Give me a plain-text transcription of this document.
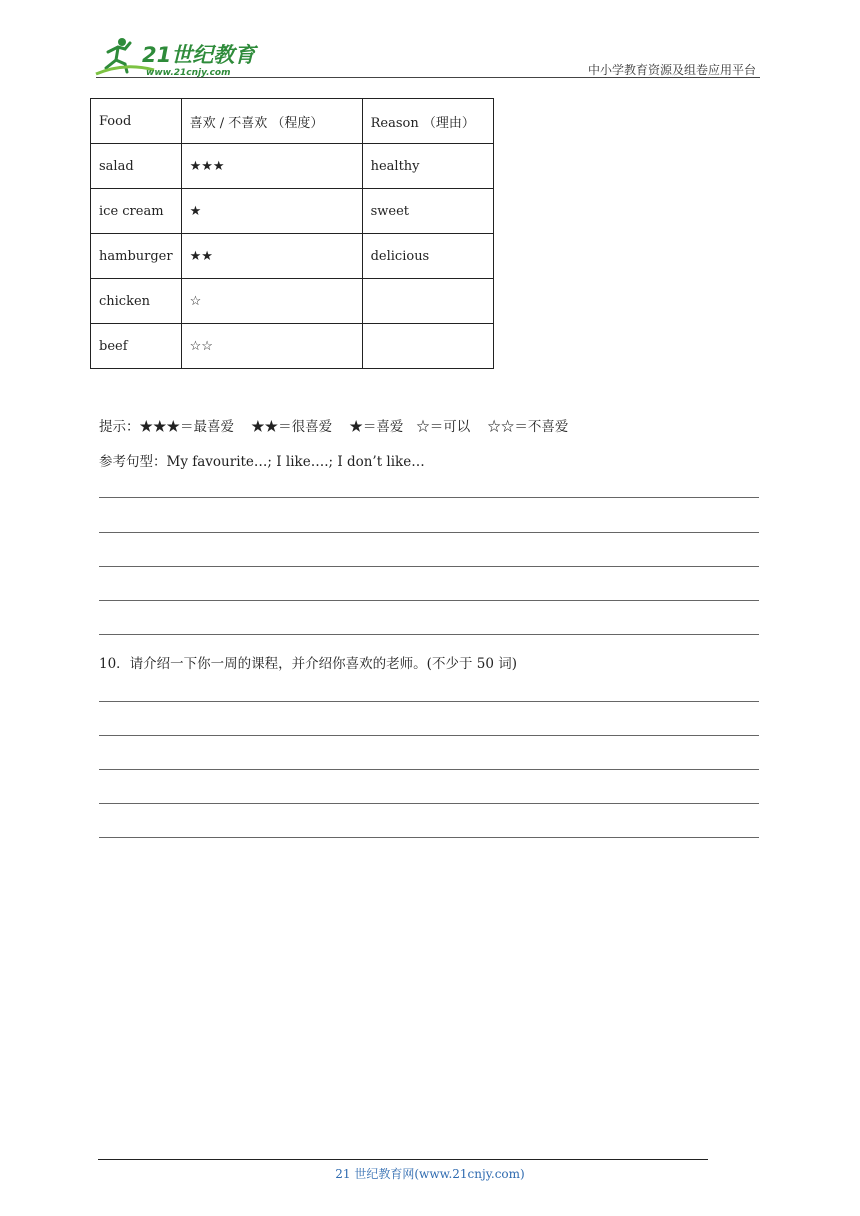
21世纪教育
www.21cnjy.com	中小学教育资源及组卷应用平台
Food	喜欢 / 不喜欢 （程度）	Reason （理由）
salad	★★★	healthy
ice cream	★	sweet
hamburger	★★	delicious
chicken	☆	
beef	☆☆	
提示：★★★＝最喜爱    ★★＝很喜爱    ★＝喜爱   ☆＝可以    ☆☆＝不喜爱
参考句型：My favourite…; I like….; I don’t like…
10．请介绍一下你一周的课程，并介绍你喜欢的老师。(不少于 50 词)
21 世纪教育网(www.21cnjy.com)
